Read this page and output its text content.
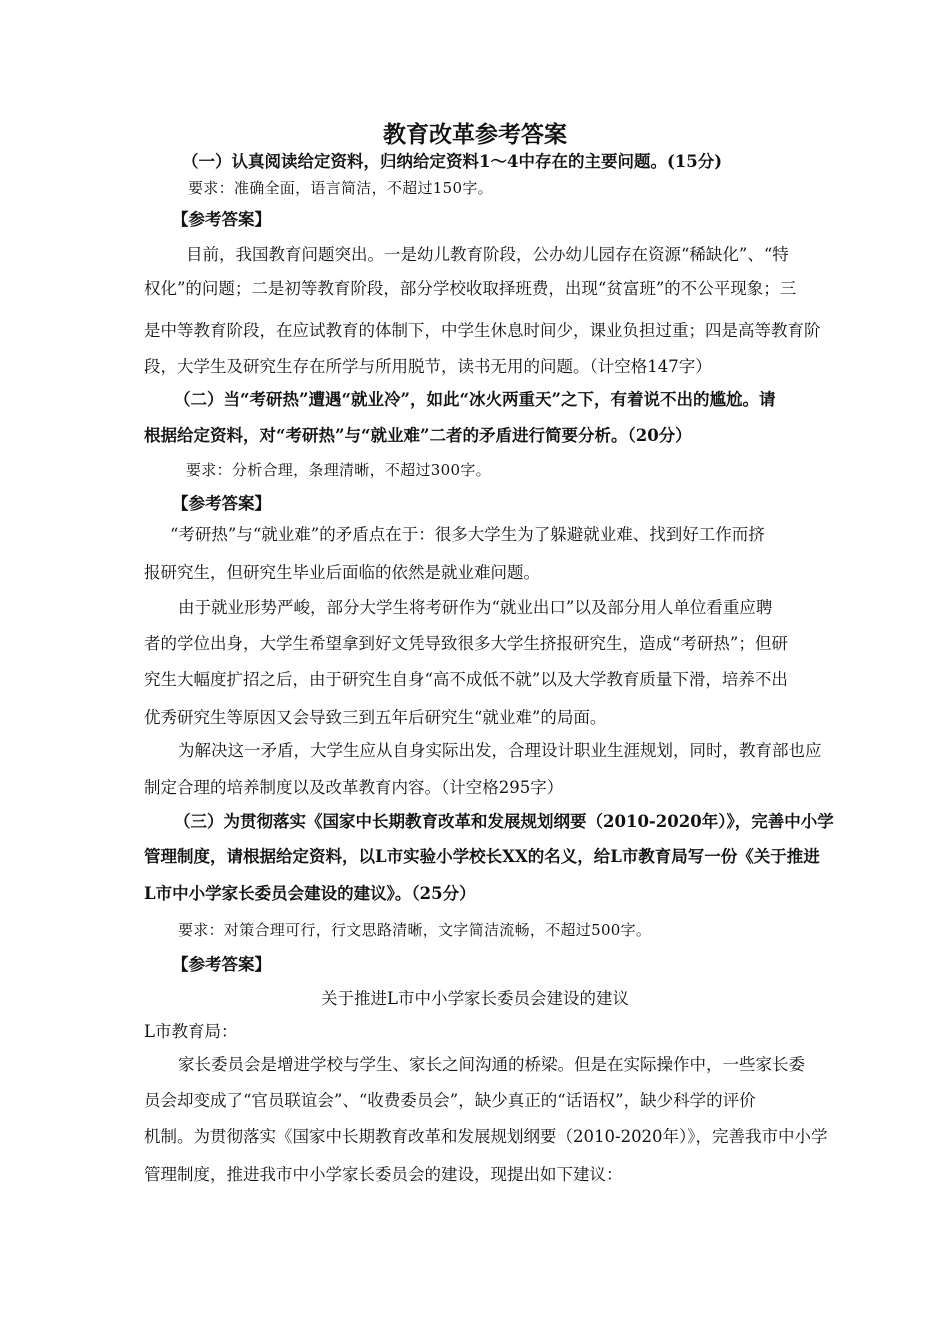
教育改革参考答案
（一）认真阅读给定资料，归纳给定资料1～4中存在的主要问题。(15分)
要求：准确全面，语言简洁，不超过150字。
【参考答案】
目前，我国教育问题突出。一是幼儿教育阶段，公办幼儿园存在资源“稀缺化”、“特
权化”的问题；二是初等教育阶段，部分学校收取择班费，出现“贫富班”的不公平现象；三
是中等教育阶段，在应试教育的体制下，中学生休息时间少，课业负担过重；四是高等教育阶
段，大学生及研究生存在所学与所用脱节，读书无用的问题。（计空格147字）
（二）当“考研热”遭遇“就业冷”，如此“冰火两重天”之下，有着说不出的尴尬。请
根据给定资料，对“考研热”与“就业难”二者的矛盾进行简要分析。（20分）
要求：分析合理，条理清晰，不超过300字。
【参考答案】
“考研热”与“就业难”的矛盾点在于：很多大学生为了躲避就业难、找到好工作而挤
报研究生，但研究生毕业后面临的依然是就业难问题。
由于就业形势严峻，部分大学生将考研作为“就业出口”以及部分用人单位看重应聘
者的学位出身，大学生希望拿到好文凭导致很多大学生挤报研究生，造成“考研热”；但研
究生大幅度扩招之后，由于研究生自身“高不成低不就”以及大学教育质量下滑，培养不出
优秀研究生等原因又会导致三到五年后研究生“就业难”的局面。
为解决这一矛盾，大学生应从自身实际出发，合理设计职业生涯规划，同时，教育部也应
制定合理的培养制度以及改革教育内容。（计空格295字）
（三）为贯彻落实《国家中长期教育改革和发展规划纲要（2010-2020年）》，完善中小学
管理制度，请根据给定资料，以L市实验小学校长XX的名义，给L市教育局写一份《关于推进
L市中小学家长委员会建设的建议》。（25分）
要求：对策合理可行，行文思路清晰，文字简洁流畅，不超过500字。
【参考答案】
关于推进L市中小学家长委员会建设的建议
L市教育局：
家长委员会是增进学校与学生、家长之间沟通的桥梁。但是在实际操作中，一些家长委
员会却变成了“官员联谊会”、“收费委员会”，缺少真正的“话语权”，缺少科学的评价
机制。为贯彻落实《国家中长期教育改革和发展规划纲要（2010-2020年）》，完善我市中小学
管理制度，推进我市中小学家长委员会的建设，现提出如下建议：
